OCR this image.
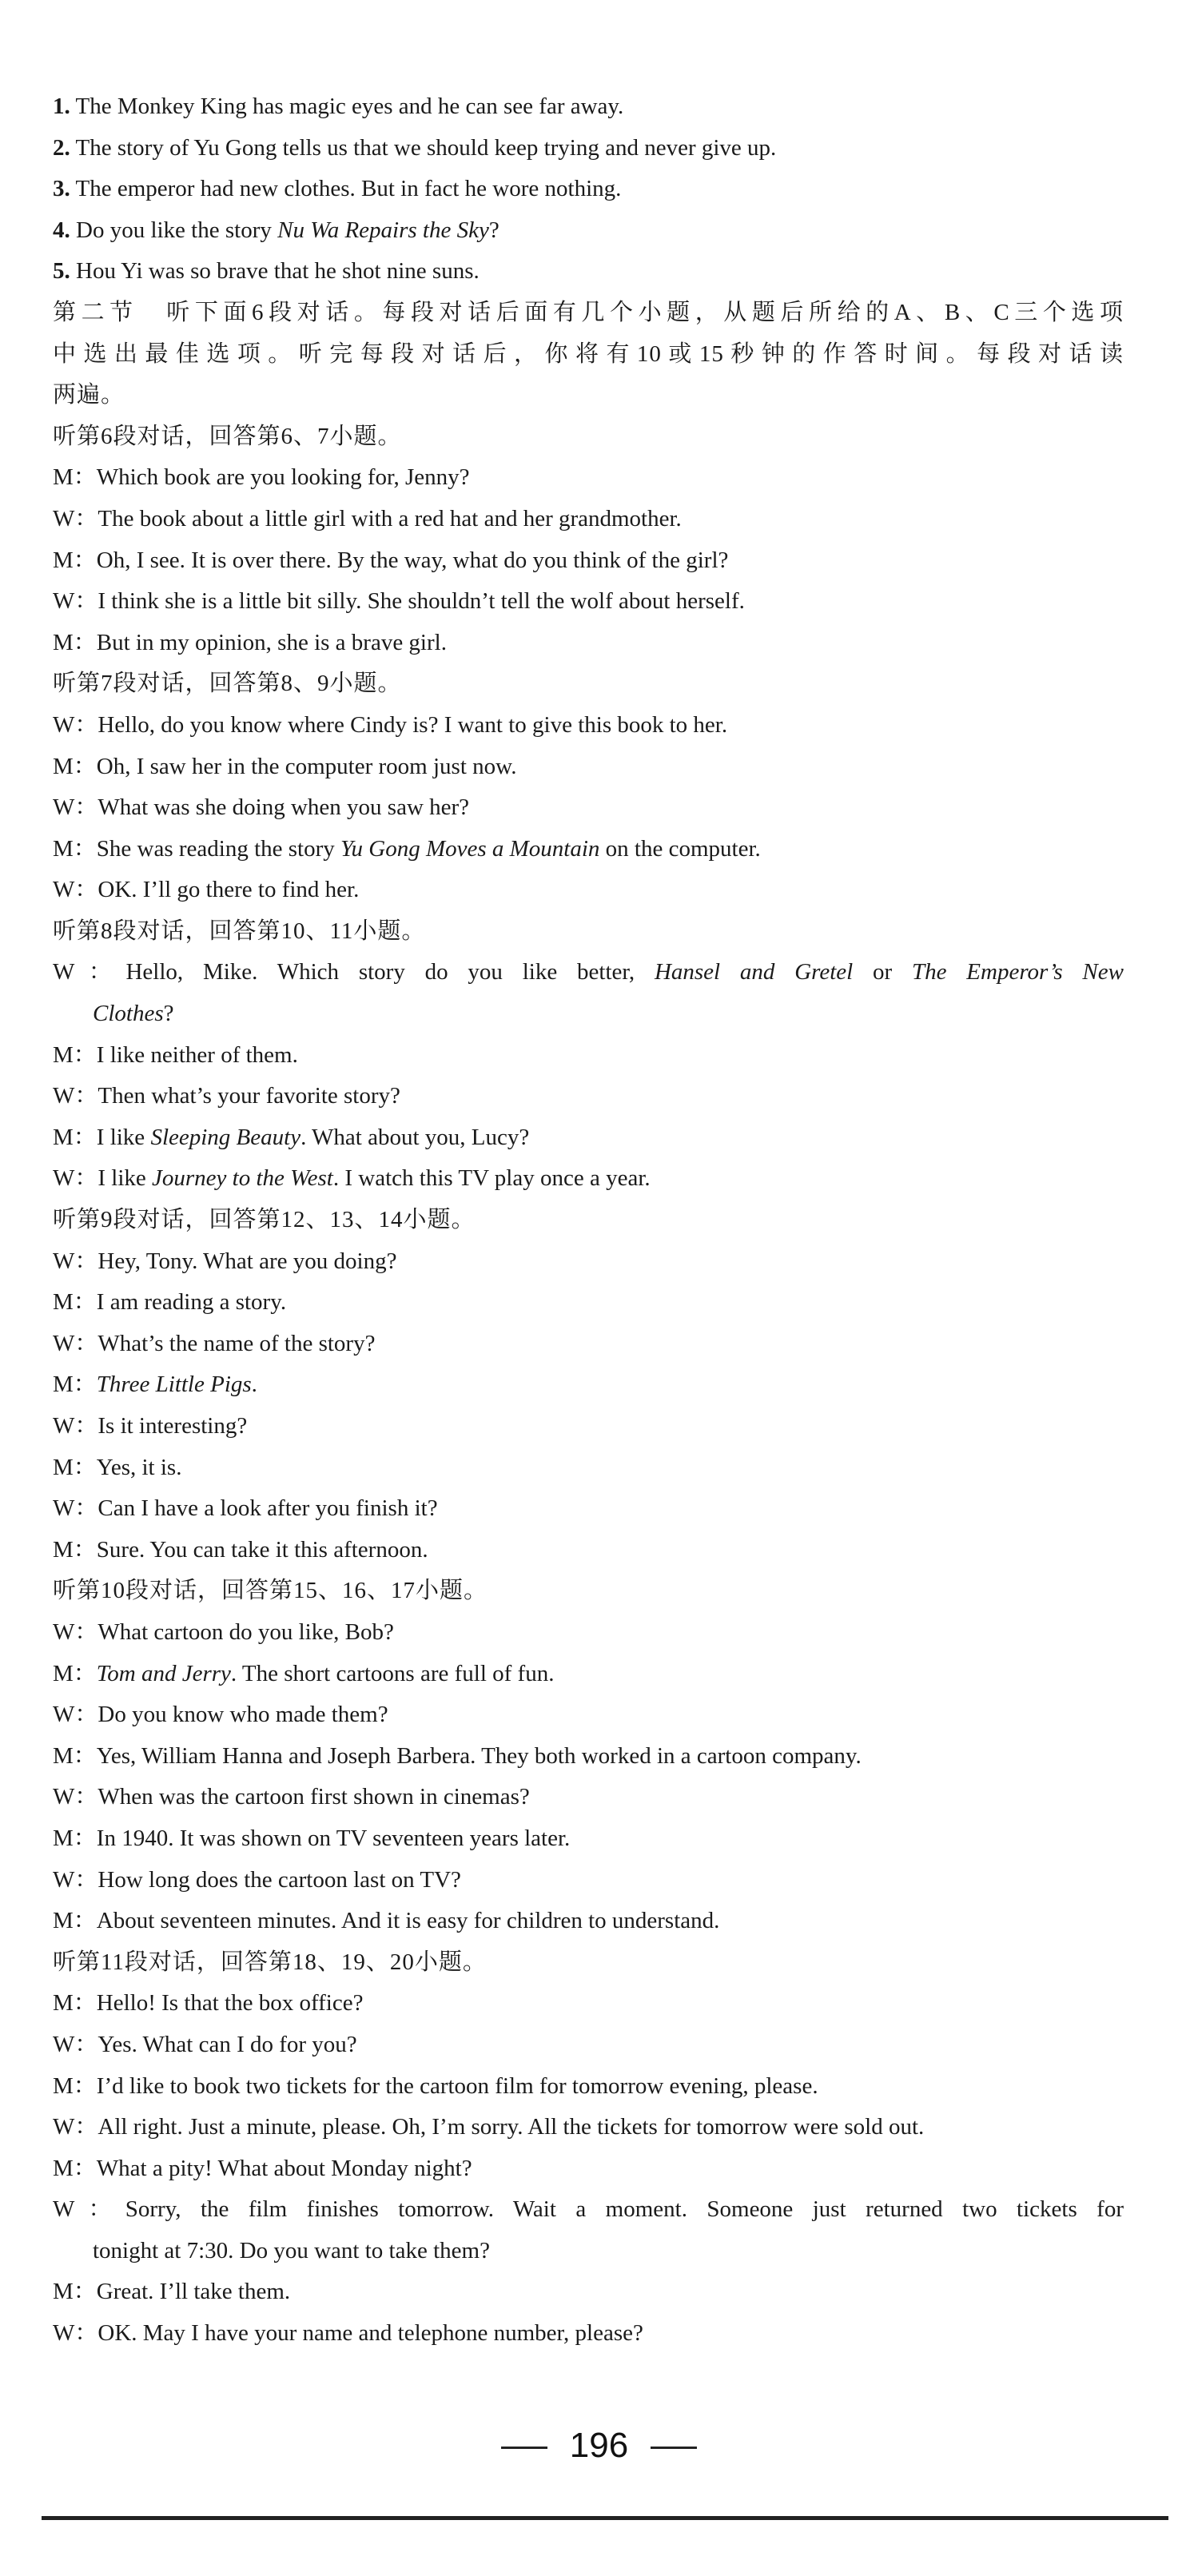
1. The Monkey King has magic eyes and he can see far away.
2. The story of Yu Gong tells us that we should keep trying and never give up.
3. The emperor had new clothes. But in fact he wore nothing.
4. Do you like the story Nu Wa Repairs the Sky?
5. Hou Yi was so brave that he shot nine suns.
第二节　听下面6段对话。每段对话后面有几个小题，从题后所给的A、B、C三个选项
中选出最佳选项。听完每段对话后，你将有10或15秒钟的作答时间。每段对话读
两遍。
听第6段对话，回答第6、7小题。
M：Which book are you looking for, Jenny?
W：The book about a little girl with a red hat and her grandmother.
M：Oh, I see. It is over there. By the way, what do you think of the girl?
W：I think she is a little bit silly. She shouldn’t tell the wolf about herself.
M：But in my opinion, she is a brave girl.
听第7段对话，回答第8、9小题。
W：Hello, do you know where Cindy is? I want to give this book to her.
M：Oh, I saw her in the computer room just now.
W：What was she doing when you saw her?
M：She was reading the story Yu Gong Moves a Mountain on the computer.
W：OK. I’ll go there to find her.
听第8段对话，回答第10、11小题。
W：Hello, Mike. Which story do you like better, Hansel and Gretel or The Emperor’s New
Clothes?
M：I like neither of them.
W：Then what’s your favorite story?
M：I like Sleeping Beauty. What about you, Lucy?
W：I like Journey to the West. I watch this TV play once a year.
听第9段对话，回答第12、13、14小题。
W：Hey, Tony. What are you doing?
M：I am reading a story.
W：What’s the name of the story?
M：Three Little Pigs.
W：Is it interesting?
M：Yes, it is.
W：Can I have a look after you finish it?
M：Sure. You can take it this afternoon.
听第10段对话，回答第15、16、17小题。
W：What cartoon do you like, Bob?
M：Tom and Jerry. The short cartoons are full of fun.
W：Do you know who made them?
M：Yes, William Hanna and Joseph Barbera. They both worked in a cartoon company.
W：When was the cartoon first shown in cinemas?
M：In 1940. It was shown on TV seventeen years later.
W：How long does the cartoon last on TV?
M：About seventeen minutes. And it is easy for children to understand.
听第11段对话，回答第18、19、20小题。
M：Hello! Is that the box office?
W：Yes. What can I do for you?
M：I’d like to book two tickets for the cartoon film for tomorrow evening, please.
W：All right. Just a minute, please. Oh, I’m sorry. All the tickets for tomorrow were sold out.
M：What a pity! What about Monday night?
W：Sorry, the film finishes tomorrow. Wait a moment. Someone just returned two tickets for
tonight at 7:30. Do you want to take them?
M：Great. I’ll take them.
W：OK. May I have your name and telephone number, please?
196
